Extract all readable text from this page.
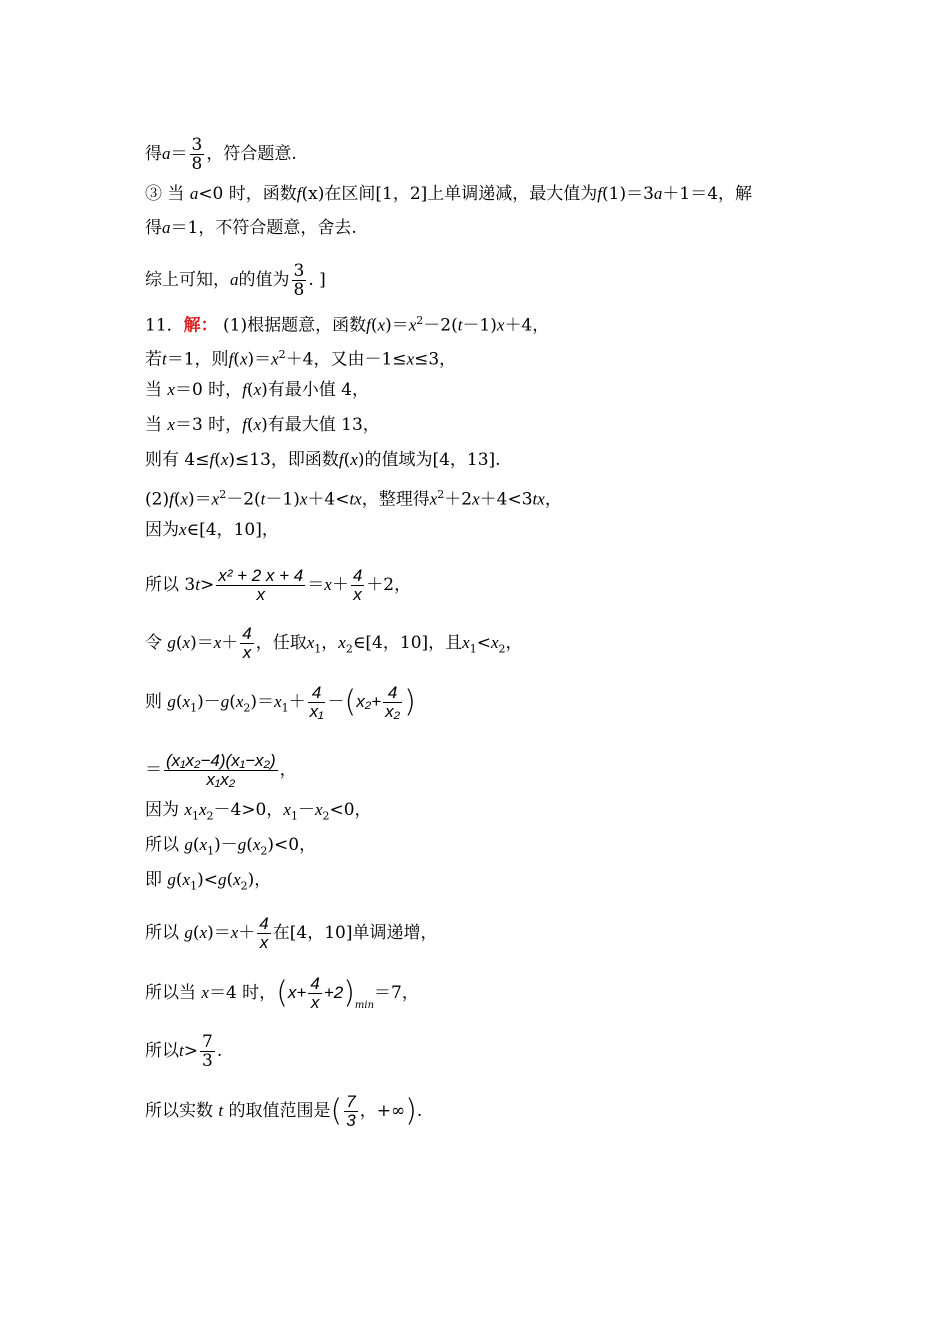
得$a= \frac{3}{8}$ ，符合题意.
③ 当 a<0 时，函数f(x)在区间[1，2]上单调递减，最大值为f(1)＝3a＋1＝4，解
得a＝1，不符合题意，舍去.
综上可知，a的值为 $\frac{3}{8}$ . ]
11．解： (1)根据题意，函数$f(x)=x^2-2(t-1)x+4$，
若t＝1，则$f(x)=x^2+4$，又由－1≤x≤3，
当 x＝0 时，f(x)有最小值 4，
当 x＝3 时，f(x)有最大值 13，
则有 4≤f(x)≤13，即函数f(x)的值域为[4，13].
$(2)f(x)=x^2-2(t-1)x+4<tx$，整理得$x^2+2x+4<3tx$，
因为x∈[4，10]，
所以 $3t> \frac{\text{x² + 2 x + 4}}{x} =x+ \frac{4}{x} +2$，
令 $g(x)=x+ \frac{4}{x}$ ，任取$x_1$，$x_2\in[4$，10]，且$x_1<x_2$，
则 $g(x_1)-g(x_2)=x_1+ \frac{4}{\text{x₁}} -(x_2+ \frac{4}{\text{x₂}}$ )
＝ $\frac{\text{(x₁x₂−4)(x₁−x₂)}}{\text{x₁x₂}}$ ，
因为 $x_1x_2-4>0$，$x_1-x_2<0$，
所以 $g(x_1)-g(x_2)<0$，
即 $g(x_1)<g(x_2)$，
所以 $g(x)=x+ \frac{4}{x}$ 在[4，10]单调递增，
所以当 x＝4 时，$(x+ \frac{4}{x} +2)_{min}=7$，
所以$t> \frac{7}{3}$ .
所以实数 t 的取值范围是( $\frac{7}{3}$ ，+∞).
